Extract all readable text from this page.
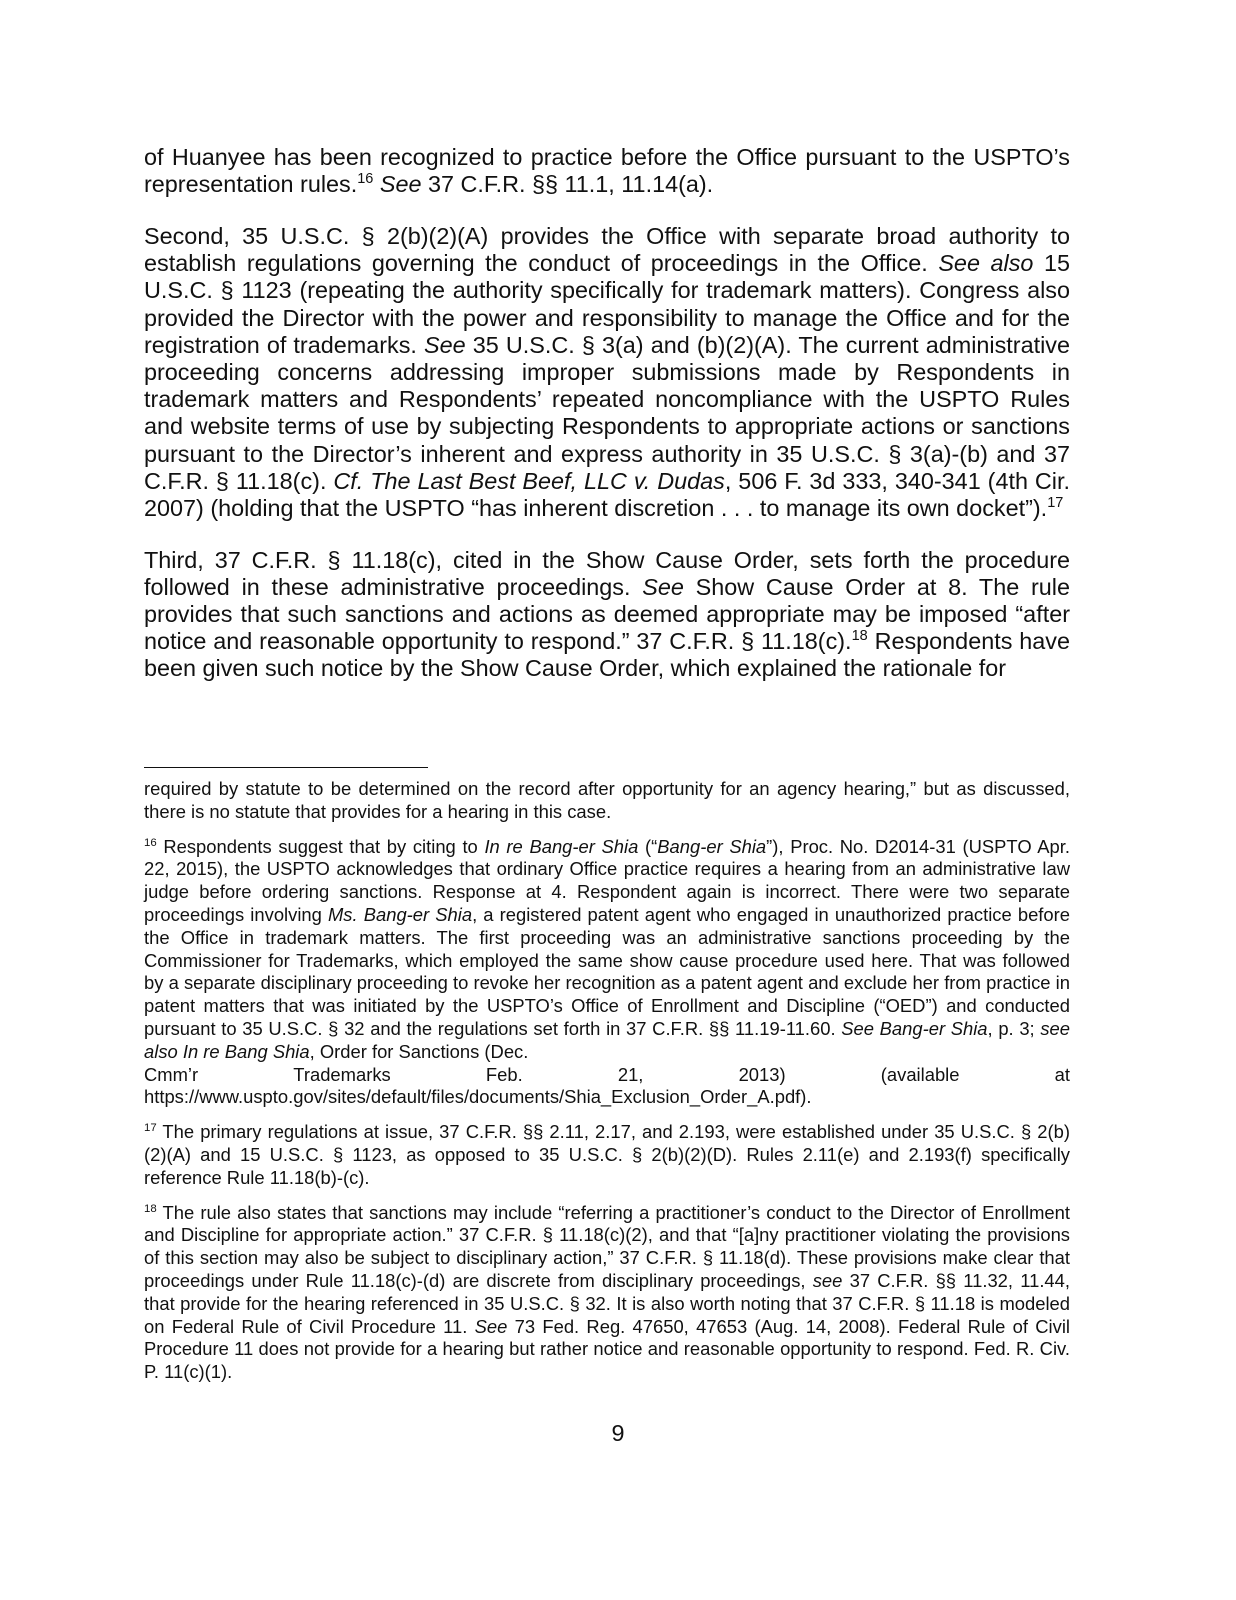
of Huanyee has been recognized to practice before the Office pursuant to the USPTO’s representation rules.$^{16}$ See 37 C.F.R. §§ 11.1, 11.14(a).

Second, 35 U.S.C. § 2(b)(2)(A) provides the Office with separate broad authority to establish regulations governing the conduct of proceedings in the Office. See also 15 U.S.C. § 1123 (repeating the authority specifically for trademark matters). Congress also provided the Director with the power and responsibility to manage the Office and for the registration of trademarks. See 35 U.S.C. § 3(a) and (b)(2)(A). The current administrative proceeding concerns addressing improper submissions made by Respondents in trademark matters and Respondents’ repeated noncompliance with the USPTO Rules and website terms of use by subjecting Respondents to appropriate actions or sanctions pursuant to the Director’s inherent and express authority in 35 U.S.C. § 3(a)-(b) and 37 C.F.R. § 11.18(c). Cf. The Last Best Beef, LLC v. Dudas, 506 F. 3d 333, 340-341 (4th Cir. 2007) (holding that the USPTO “has inherent discretion . . . to manage its own docket”).$^{17}$

Third, 37 C.F.R. § 11.18(c), cited in the Show Cause Order, sets forth the procedure followed in these administrative proceedings. See Show Cause Order at 8. The rule provides that such sanctions and actions as deemed appropriate may be imposed “after notice and reasonable opportunity to respond.” 37 C.F.R. § 11.18(c).$^{18}$ Respondents have been given such notice by the Show Cause Order, which explained the rationale for

required by statute to be determined on the record after opportunity for an agency hearing,” but as discussed, there is no statute that provides for a hearing in this case.

$^{16}$ Respondents suggest that by citing to In re Bang-er Shia (“Bang-er Shia”), Proc. No. D2014-31 (USPTO Apr. 22, 2015), the USPTO acknowledges that ordinary Office practice requires a hearing from an administrative law judge before ordering sanctions. Response at 4. Respondent again is incorrect. There were two separate proceedings involving Ms. Bang-er Shia, a registered patent agent who engaged in unauthorized practice before the Office in trademark matters. The first proceeding was an administrative sanctions proceeding by the Commissioner for Trademarks, which employed the same show cause procedure used here. That was followed by a separate disciplinary proceeding to revoke her recognition as a patent agent and exclude her from practice in patent matters that was initiated by the USPTO’s Office of Enrollment and Discipline (“OED”) and conducted pursuant to 35 U.S.C. § 32 and the regulations set forth in 37 C.F.R. §§ 11.19-11.60. See Bang-er Shia, p. 3; see also In re Bang Shia, Order for Sanctions (Dec.
Cmm’r	Trademarks	Feb.	21,	2013)	(available	at
https://www.uspto.gov/sites/default/files/documents/Shia_Exclusion_Order_A.pdf).

$^{17}$ The primary regulations at issue, 37 C.F.R. §§ 2.11, 2.17, and 2.193, were established under 35 U.S.C. § 2(b)(2)(A) and 15 U.S.C. § 1123, as opposed to 35 U.S.C. § 2(b)(2)(D). Rules 2.11(e) and 2.193(f) specifically reference Rule 11.18(b)-(c).

$^{18}$ The rule also states that sanctions may include “referring a practitioner’s conduct to the Director of Enrollment and Discipline for appropriate action.” 37 C.F.R. § 11.18(c)(2), and that “[a]ny practitioner violating the provisions of this section may also be subject to disciplinary action,” 37 C.F.R. § 11.18(d). These provisions make clear that proceedings under Rule 11.18(c)-(d) are discrete from disciplinary proceedings, see 37 C.F.R. §§ 11.32, 11.44, that provide for the hearing referenced in 35 U.S.C. § 32. It is also worth noting that 37 C.F.R. § 11.18 is modeled on Federal Rule of Civil Procedure 11. See 73 Fed. Reg. 47650, 47653 (Aug. 14, 2008). Federal Rule of Civil Procedure 11 does not provide for a hearing but rather notice and reasonable opportunity to respond. Fed. R. Civ. P. 11(c)(1).

9
